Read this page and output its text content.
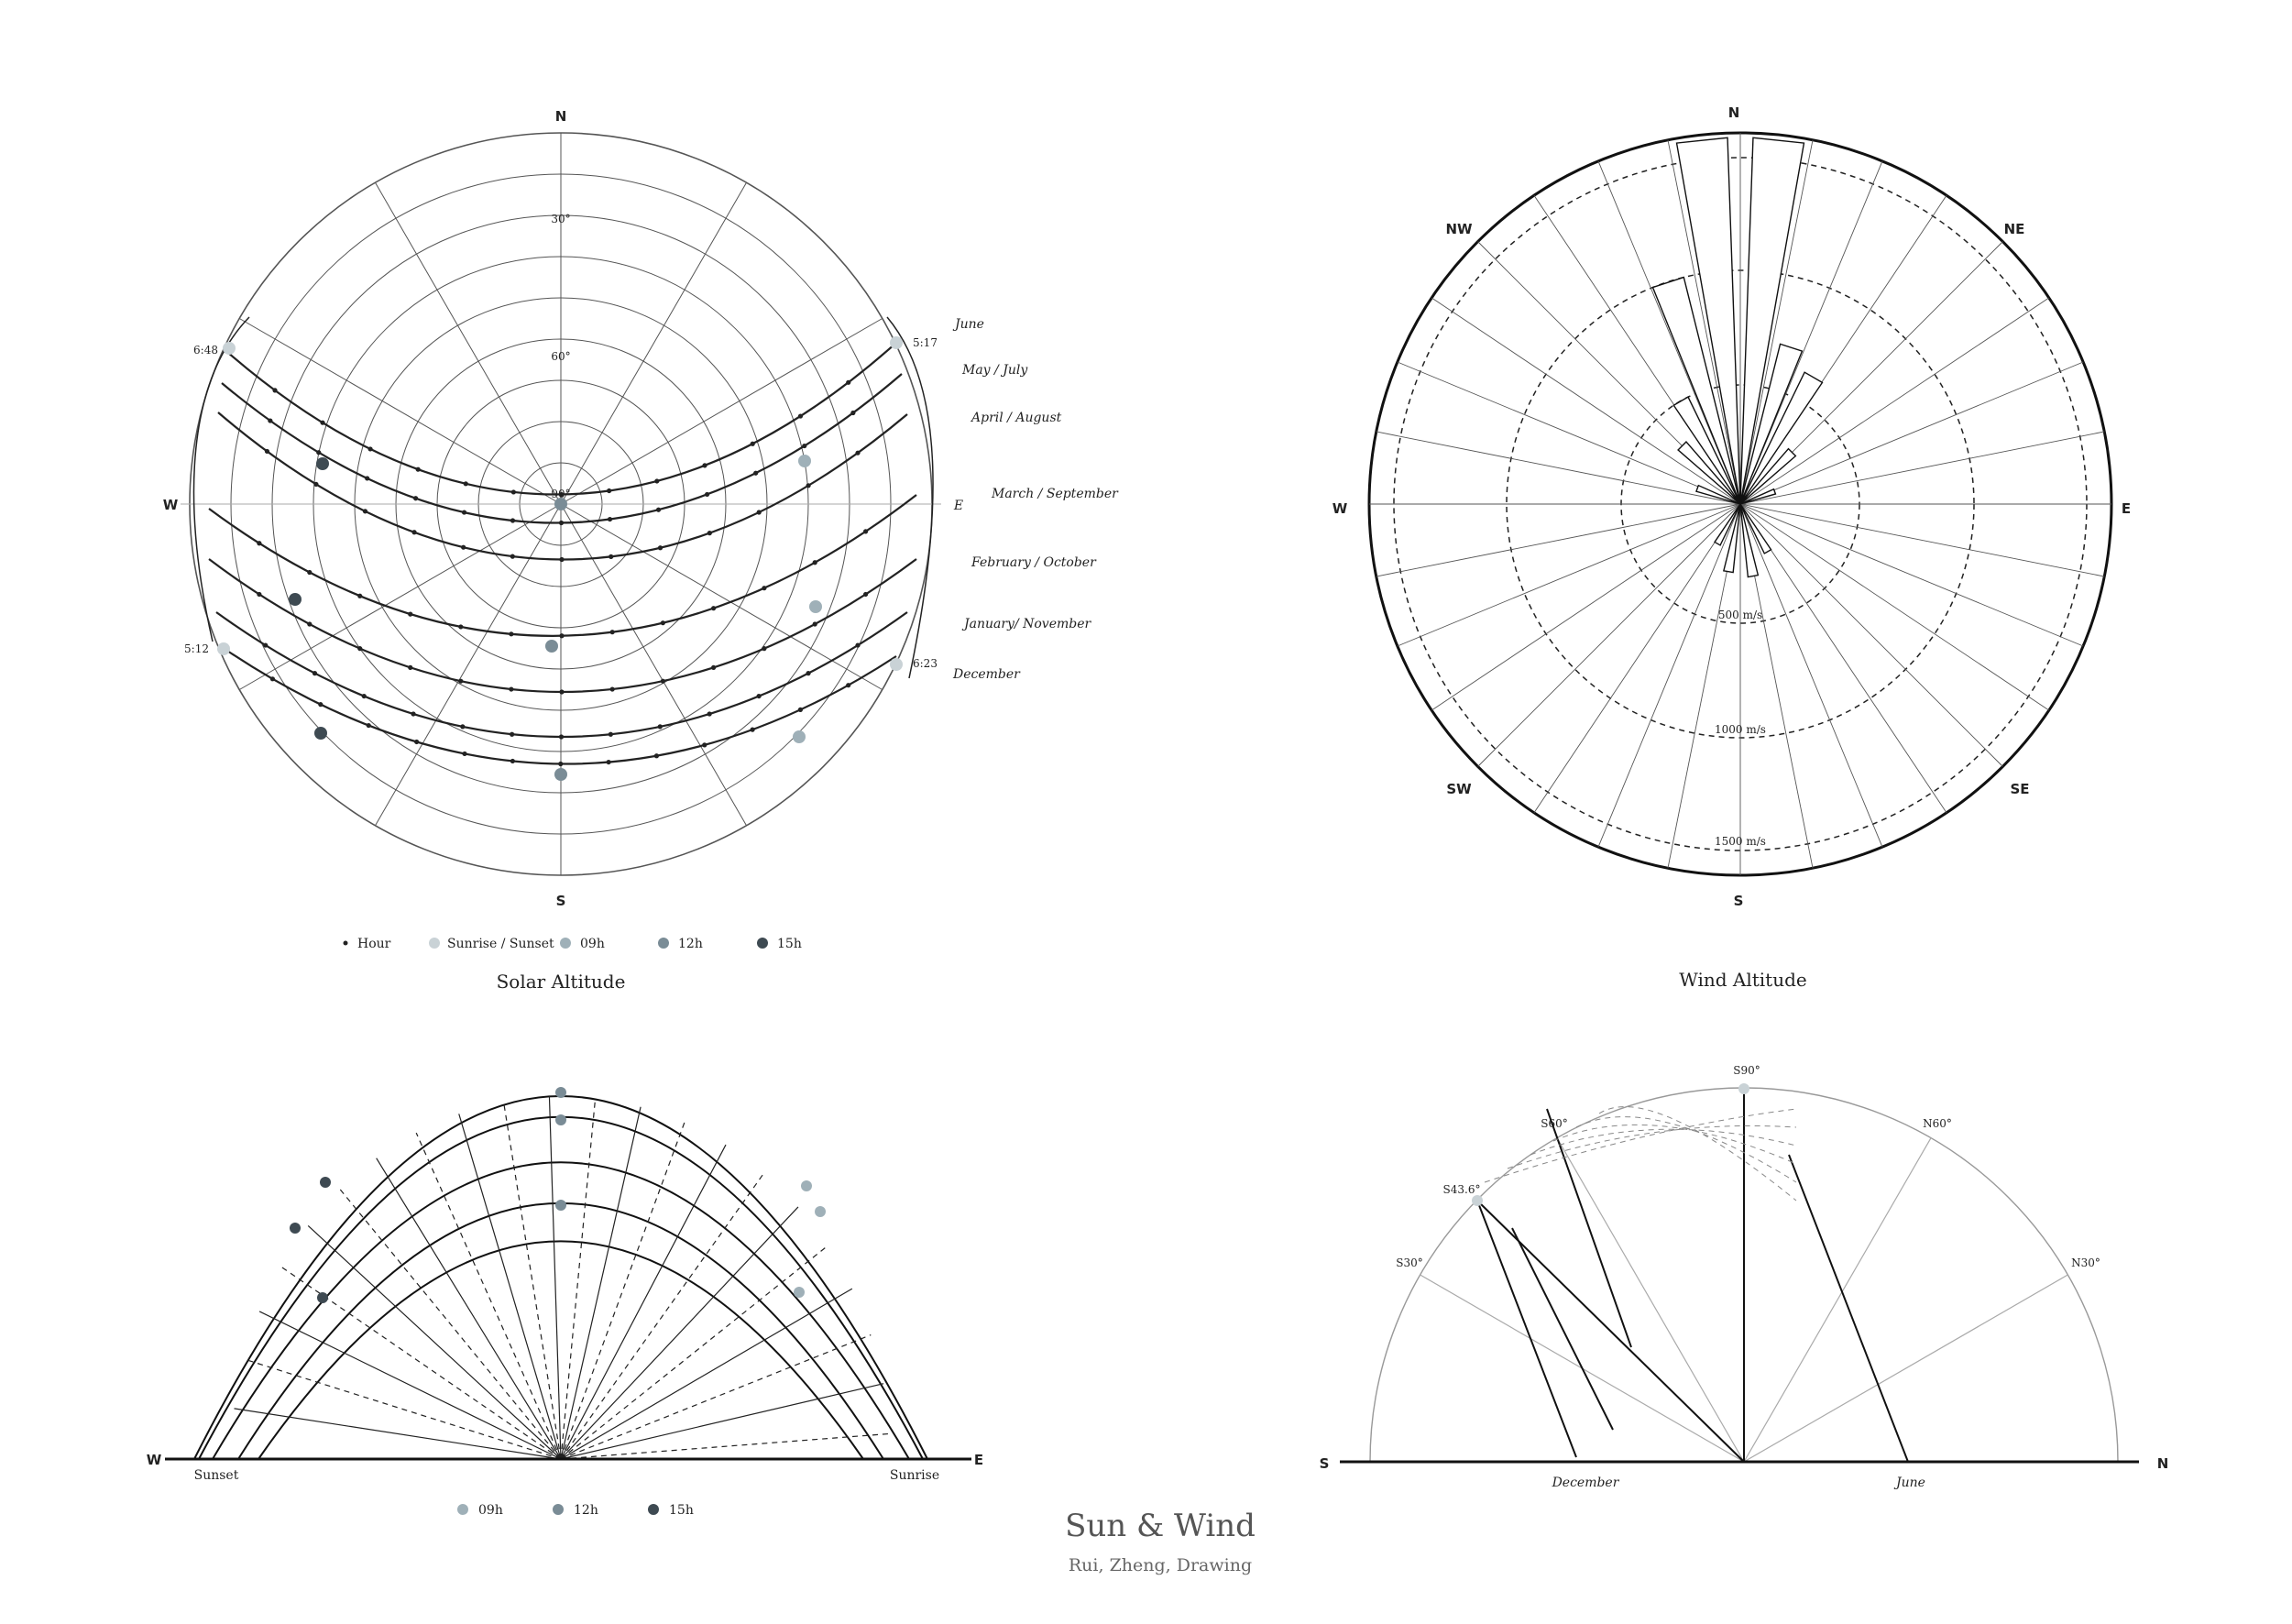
N
S
W	E
30°
60°
90°
June
May / July
April / August
March / September
February / October
January/ November
December
6:48
5:17
5:12
6:23
Hour	Sunrise / Sunset 09h	12h	15h
Solar Altitude
N
NE
E
SE
S
SW
W
NW
500 m/s
1000 m/s
1500 m/s
Wind Altitude
W	E
Sunset	Sunrise
09h	12h	15h
S	N
December	June
S90°
S60°	N60°
S43.6°
S30°	N30°
Sun & Wind
Rui, Zheng, Drawing
